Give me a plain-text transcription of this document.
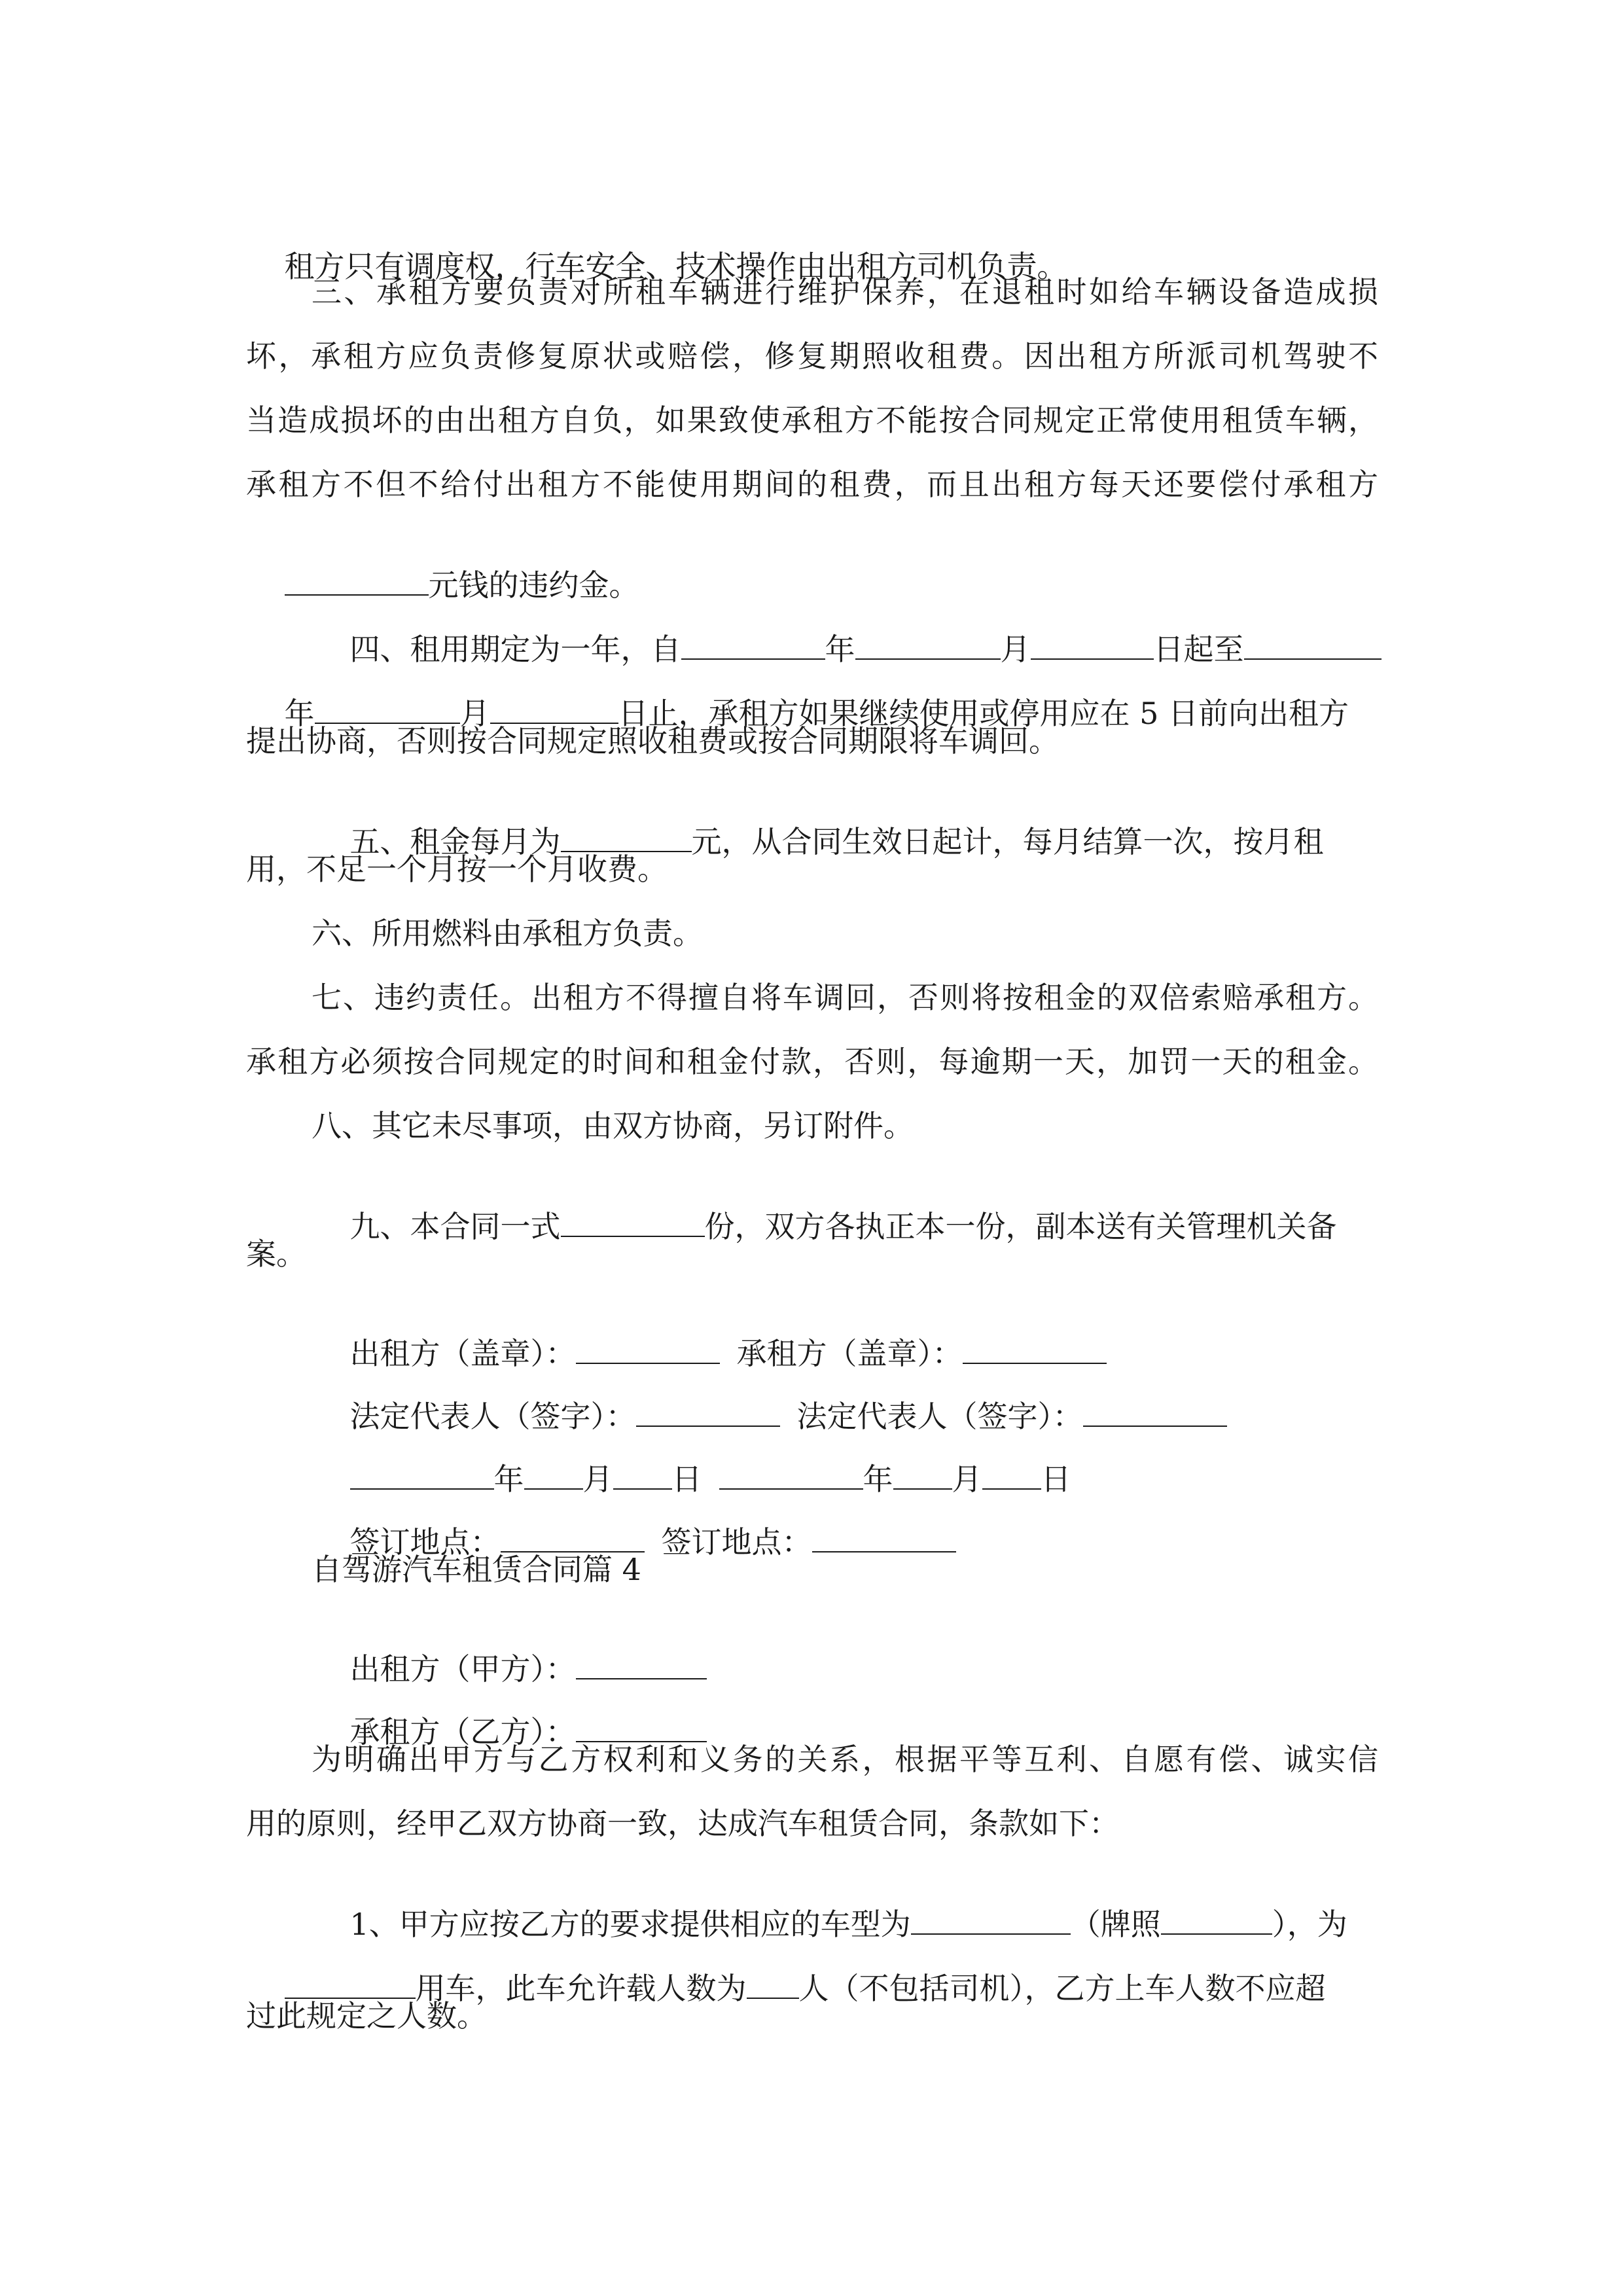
租方只有调度权，行车安全、技术操作由出租方司机负责。

三、承租方要负责对所租车辆进行维护保养，在退租时如给车辆设备造成损
坏，承租方应负责修复原状或赔偿，修复期照收租费。因出租方所派司机驾驶不
当造成损坏的由出租方自负，如果致使承租方不能按合同规定正常使用租赁车辆，
承租方不但不给付出租方不能使用期间的租费，而且出租方每天还要偿付承租方

元钱的违约金。

四、租用期定为一年，自	年	月	日起至

年	月	日止，承租方如果继续使用或停用应在 5 日前向出租方

提出协商，否则按合同规定照收租费或按合同期限将车调回。

五、租金每月为	元，从合同生效日起计，每月结算一次，按月租

用，不足一个月按一个月收费。
六、所用燃料由承租方负责。
七、违约责任。出租方不得擅自将车调回，否则将按租金的双倍索赔承租方。
承租方必须按合同规定的时间和租金付款，否则，每逾期一天，加罚一天的租金。
八、其它未尽事项，由双方协商，另订附件。

九、本合同一式	份，双方各执正本一份，副本送有关管理机关备

案。

出租方（盖章）：	承租方（盖章）：

法定代表人（签字）：	法定代表人（签字）：

年 月 日	年 月 日

签订地点：	签订地点：

自驾游汽车租赁合同篇 4

出租方（甲方）：

承租方（乙方）：

为明确出甲方与乙方权利和义务的关系，根据平等互利、自愿有偿、诚实信
用的原则，经甲乙双方协商一致，达成汽车租赁合同，条款如下：

1、甲方应按乙方的要求提供相应的车型为	（牌照	），为

用车，此车允许载人数为 人（不包括司机），乙方上车人数不应超

过此规定之人数。
